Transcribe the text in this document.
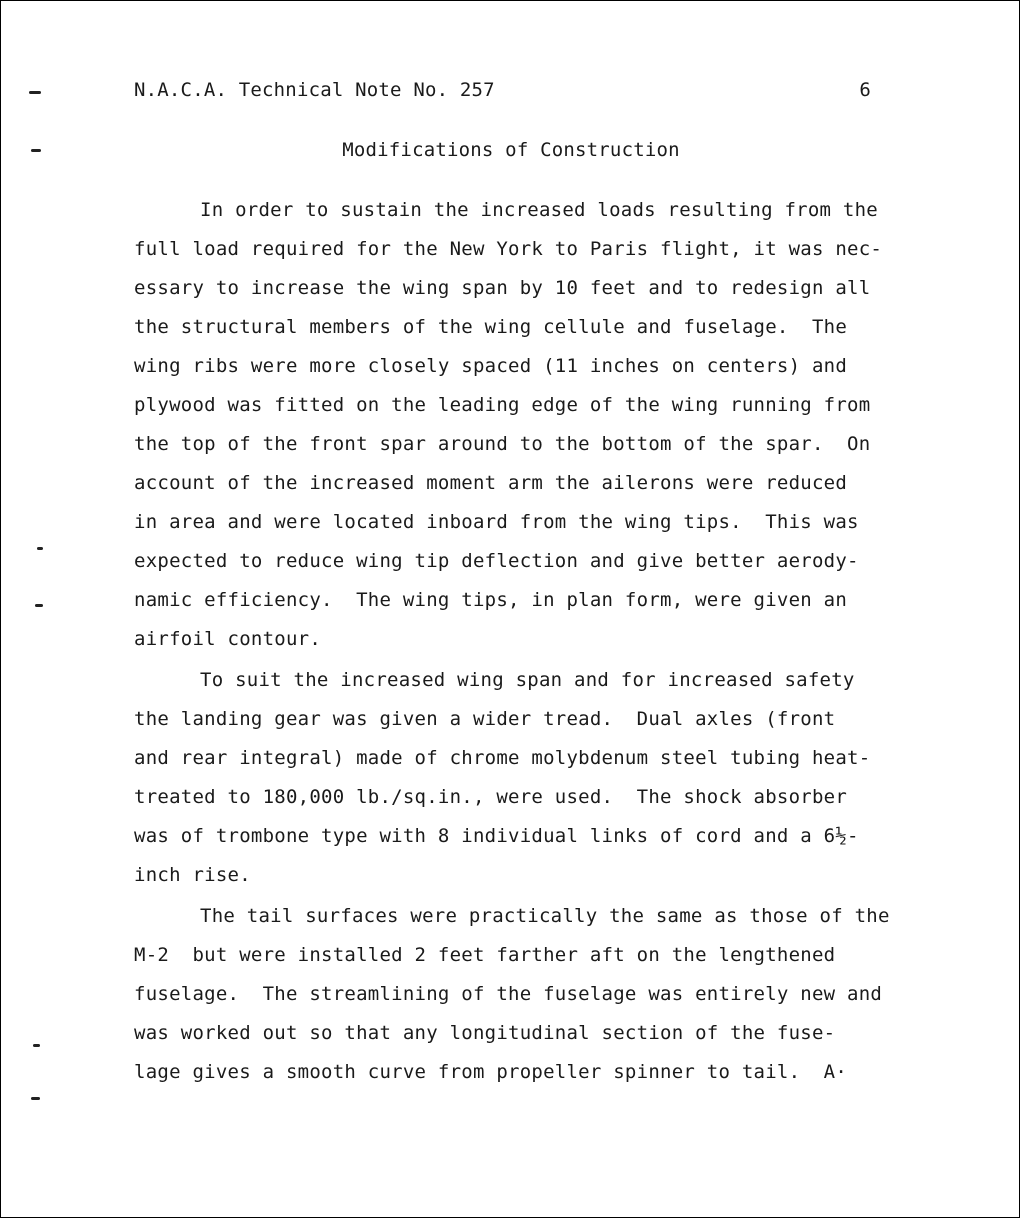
N.A.C.A. Technical Note No. 257	6
Modifications of Construction
In order to sustain the increased loads resulting from the
full load required for the New York to Paris flight, it was nec-
essary to increase the wing span by 10 feet and to redesign all
the structural members of the wing cellule and fuselage.  The
wing ribs were more closely spaced (11 inches on centers) and
plywood was fitted on the leading edge of the wing running from
the top of the front spar around to the bottom of the spar.  On
account of the increased moment arm the ailerons were reduced
in area and were located inboard from the wing tips.  This was
expected to reduce wing tip deflection and give better aerody-
namic efficiency.  The wing tips, in plan form, were given an
airfoil contour.
To suit the increased wing span and for increased safety
the landing gear was given a wider tread.  Dual axles (front
and rear integral) made of chrome molybdenum steel tubing heat-
treated to 180,000 lb./sq.in., were used.  The shock absorber
was of trombone type with 8 individual links of cord and a 6½-
inch rise.
The tail surfaces were practically the same as those of the
M-2  but were installed 2 feet farther aft on the lengthened
fuselage.  The streamlining of the fuselage was entirely new and
was worked out so that any longitudinal section of the fuse-
lage gives a smooth curve from propeller spinner to tail.  A·
